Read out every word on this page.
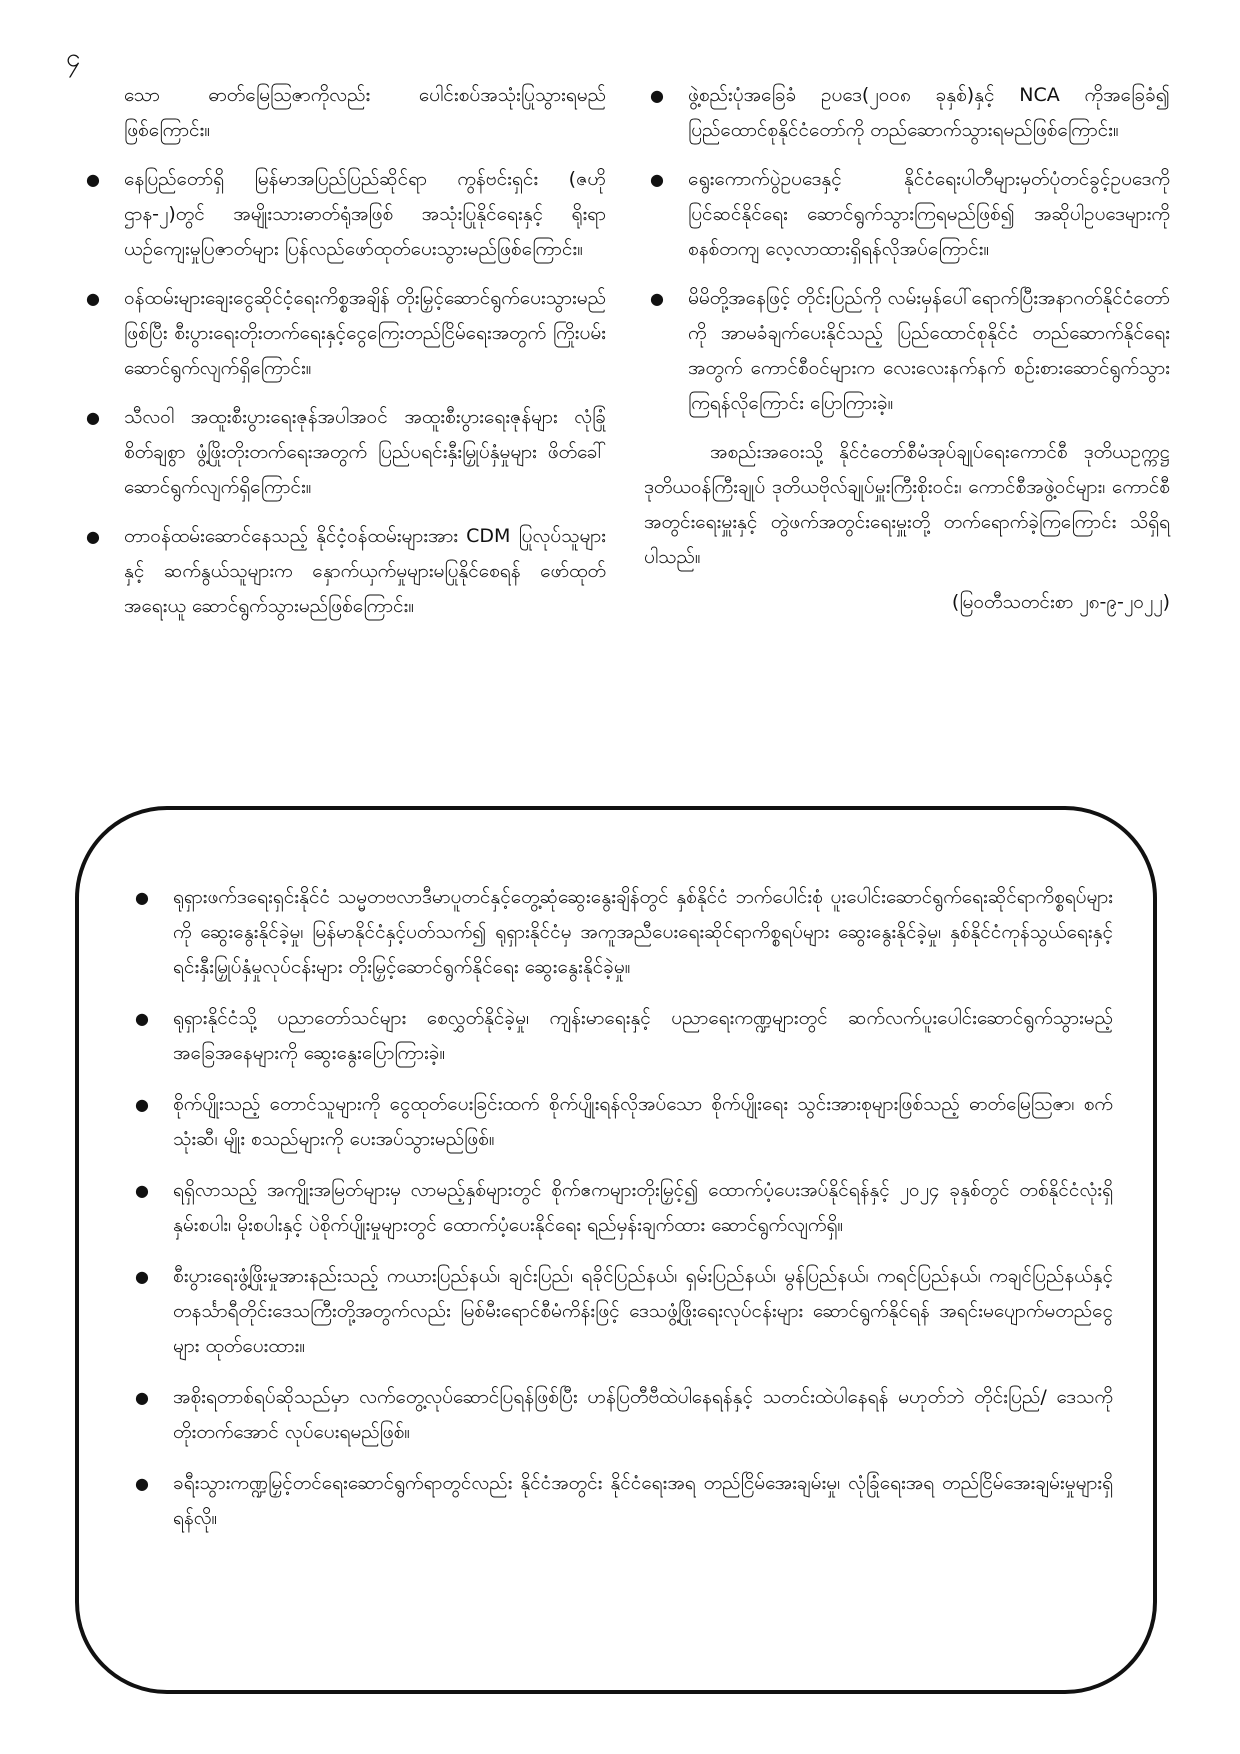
၄

သော ဓာတ်မြေသြဇာကိုလည်း ပေါင်းစပ်အသုံးပြုသွားရမည်ဖြစ်ကြောင်း။

● နေပြည်တော်ရှိ မြန်မာအပြည်ပြည်ဆိုင်ရာ ကွန်ဗင်းရှင်း (ဇဟိုဌာန-၂)တွင် အမျိုးသားဓာတ်ရုံအဖြစ် အသုံးပြုနိုင်ရေးနှင့် ရိုးရာယဉ်ကျေးမှုပြဇာတ်များ ပြန်လည်ဖော်ထုတ်ပေးသွားမည်ဖြစ်ကြောင်း။
● ဝန်ထမ်းများချေးငွေဆိုင်ငံ့ရေးကိစ္စအချိန် တိုးမြှင့်ဆောင်ရွက်ပေးသွားမည်ဖြစ်ပြီး စီးပွားရေးတိုးတက်ရေးနှင့်ငွေကြေးတည်ငြိမ်ရေးအတွက် ကြိုးပမ်းဆောင်ရွက်လျက်ရှိကြောင်း။
● သီလဝါ အထူးစီးပွားရေးဇုန်အပါအဝင် အထူးစီးပွားရေးဇုန်များ လုံခြုံစိတ်ချစွာ ဖွံ့ဖြိုးတိုးတက်ရေးအတွက် ပြည်ပရင်းနှီးမြှုပ်နှံမှုများ ဖိတ်ခေါ်ဆောင်ရွက်လျက်ရှိကြောင်း။
● တာဝန်ထမ်းဆောင်နေသည့် နိုင်ငံ့ဝန်ထမ်းများအား CDM ပြုလုပ်သူများနှင့် ဆက်နွယ်သူများက နှောက်ယှက်မှုများမပြုနိုင်စေရန် ဖော်ထုတ်အရေးယူ ဆောင်ရွက်သွားမည်ဖြစ်ကြောင်း။
● ဖွဲ့စည်းပုံအခြေခံ ဥပဒေ(၂၀၀၈ ခုနှစ်)နှင့် NCA ကိုအခြေခံ၍ ပြည်ထောင်စုနိုင်ငံတော်ကို တည်ဆောက်သွားရမည်ဖြစ်ကြောင်း။
● ရွေးကောက်ပွဲဥပဒေနှင့် နိုင်ငံရေးပါတီများမှတ်ပုံတင်ခွင့်ဥပဒေကို ပြင်ဆင်နိုင်ရေး ဆောင်ရွက်သွားကြရမည်ဖြစ်၍ အဆိုပါဥပဒေများကို စနစ်တကျ လေ့လာထားရှိရန်လိုအပ်ကြောင်း။
● မိမိတို့အနေဖြင့် တိုင်းပြည်ကို လမ်းမှန်ပေါ်ရောက်ပြီးအနာဂတ်နိုင်ငံတော်ကို အာမခံချက်ပေးနိုင်သည့် ပြည်ထောင်စုနိုင်ငံ တည်ဆောက်နိုင်ရေးအတွက် ကောင်စီဝင်များက လေးလေးနက်နက် စဉ်းစားဆောင်ရွက်သွားကြရန်လိုကြောင်း ပြောကြားခဲ့။

အစည်းအဝေးသို့ နိုင်ငံတော်စီမံအုပ်ချုပ်ရေးကောင်စီ ဒုတိယဥက္ကဋ္ဌ ဒုတိယဝန်ကြီးချုပ် ဒုတိယဗိုလ်ချုပ်မှူးကြီးစိုးဝင်း၊ ကောင်စီအဖွဲ့ဝင်များ၊ ကောင်စီအတွင်းရေးမှူးနှင့် တွဲဖက်အတွင်းရေးမှူးတို့ တက်ရောက်ခဲ့ကြကြောင်း သိရှိရပါသည်။

(မြဝတီသတင်းစာ ၂၈-၉-၂၀၂၂)

● ရုရှားဖက်ဒရေးရှင်းနိုင်ငံ သမ္မတဗလာဒီမာပူတင်နှင့်တွေ့ဆုံဆွေးနွေးချိန်တွင် နှစ်နိုင်ငံ ဘက်ပေါင်းစုံ ပူးပေါင်းဆောင်ရွက်ရေးဆိုင်ရာကိစ္စရပ်များကို ဆွေးနွေးနိုင်ခဲ့မှု၊ မြန်မာနိုင်ငံနှင့်ပတ်သက်၍ ရုရှားနိုင်ငံမှ အကူအညီပေးရေးဆိုင်ရာကိစ္စရပ်များ ဆွေးနွေးနိုင်ခဲ့မှု၊ နှစ်နိုင်ငံကုန်သွယ်ရေးနှင့် ရင်းနှီးမြှုပ်နှံမှုလုပ်ငန်းများ တိုးမြှင့်ဆောင်ရွက်နိုင်ရေး ဆွေးနွေးနိုင်ခဲ့မှု။
● ရုရှားနိုင်ငံသို့ ပညာတော်သင်များ စေလွှတ်နိုင်ခဲ့မှု၊ ကျန်းမာရေးနှင့် ပညာရေးကဏ္ဍများတွင် ဆက်လက်ပူးပေါင်းဆောင်ရွက်သွားမည့် အခြေအနေများကို ဆွေးနွေးပြောကြားခဲ့။
● စိုက်ပျိုးသည့် တောင်သူများကို ငွေထုတ်ပေးခြင်းထက် စိုက်ပျိုးရန်လိုအပ်သော စိုက်ပျိုးရေး သွင်းအားစုများဖြစ်သည့် ဓာတ်မြေသြဇာ၊ စက်သုံးဆီ၊ မျိုး စသည်များကို ပေးအပ်သွားမည်ဖြစ်။
● ရရှိလာသည့် အကျိုးအမြတ်များမှ လာမည့်နှစ်များတွင် စိုက်ဧကများတိုးမြှင့်၍ ထောက်ပံ့ပေးအပ်နိုင်ရန်နှင့် ၂၀၂၄ ခုနှစ်တွင် တစ်နိုင်ငံလုံးရှိ နှမ်းစပါး၊ မိုးစပါးနှင့် ပဲစိုက်ပျိုးမှုများတွင် ထောက်ပံ့ပေးနိုင်ရေး ရည်မှန်းချက်ထား ဆောင်ရွက်လျက်ရှိ။
● စီးပွားရေးဖွံ့ဖြိုးမှုအားနည်းသည့် ကယားပြည်နယ်၊ ချင်းပြည်၊ ရခိုင်ပြည်နယ်၊ ရှမ်းပြည်နယ်၊ မွန်ပြည်နယ်၊ ကရင်ပြည်နယ်၊ ကချင်ပြည်နယ်နှင့် တနင်္သာရီတိုင်းဒေသကြီးတို့အတွက်လည်း မြစ်မီးရောင်စီမံကိန်းဖြင့် ဒေသဖွံ့ဖြိုးရေးလုပ်ငန်းများ ဆောင်ရွက်နိုင်ရန် အရင်းမပျောက်မတည်ငွေများ ထုတ်ပေးထား။
● အစိုးရတာစ်ရပ်ဆိုသည်မှာ လက်တွေ့လုပ်ဆောင်ပြရန်ဖြစ်ပြီး ဟန်ပြတီဗီထဲပါနေရန်နှင့် သတင်းထဲပါနေရန် မဟုတ်ဘဲ တိုင်းပြည်/ ဒေသကို တိုးတက်အောင် လုပ်ပေးရမည်ဖြစ်။
● ခရီးသွားကဏ္ဍမြှင့်တင်ရေးဆောင်ရွက်ရာတွင်လည်း နိုင်ငံအတွင်း နိုင်ငံရေးအရ တည်ငြိမ်အေးချမ်းမှု၊ လုံခြုံရေးအရ တည်ငြိမ်အေးချမ်းမှုများရှိရန်လို။
